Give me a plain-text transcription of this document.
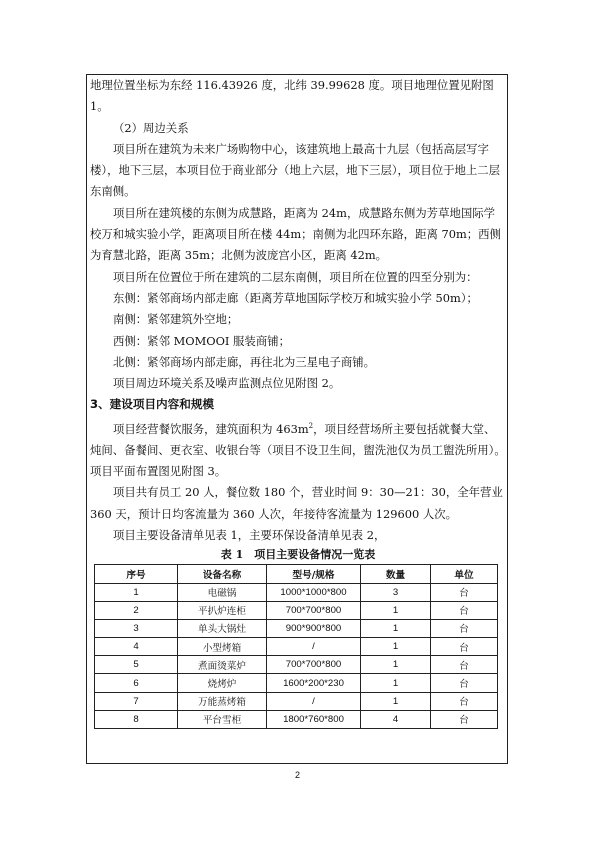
地理位置坐标为东经 116.43926 度，北纬 39.99628 度。项目地理位置见附图 1。

（2）周边关系

项目所在建筑为未来广场购物中心，该建筑地上最高十九层（包括高层写字楼），地下三层，本项目位于商业部分（地上六层，地下三层），项目位于地上二层东南侧。

项目所在建筑楼的东侧为成慧路，距离为 24m，成慧路东侧为芳草地国际学校万和城实验小学，距离项目所在楼 44m；南侧为北四环东路，距离 70m；西侧为育慧北路，距离 35m；北侧为波庞宫小区，距离 42m。

项目所在位置位于所在建筑的二层东南侧，项目所在位置的四至分别为：

东侧：紧邻商场内部走廊（距离芳草地国际学校万和城实验小学 50m）；

南侧：紧邻建筑外空地；

西侧：紧邻 MOMOOI 服装商铺；

北侧：紧邻商场内部走廊，再往北为三星电子商铺。

项目周边环境关系及噪声监测点位见附图 2。

3、建设项目内容和规模

项目经营餐饮服务，建筑面积为 $463m^2$，项目经营场所主要包括就餐大堂、炖间、备餐间、更衣室、收银台等（项目不设卫生间，盥洗池仅为员工盥洗所用）。项目平面布置图见附图 3。

项目共有员工 20 人，餐位数 180 个，营业时间 9：30—21：30，全年营业 360 天，预计日均客流量为 360 人次，年接待客流量为 129600 人次。

项目主要设备清单见表 1，主要环保设备清单见表 2，

表 1　项目主要设备情况一览表
序号	设备名称	型号/规格	数量	单位
1	电磁锅	1000*1000*800	3	台
2	平扒炉连柜	700*700*800	1	台
3	单头大锅灶	900*900*800	1	台
4	小型烤箱	/	1	台
5	煮面烫菜炉	700*700*800	1	台
6	烧烤炉	1600*200*230	1	台
7	万能蒸烤箱	/	1	台
8	平台雪柜	1800*760*800	4	台
2
